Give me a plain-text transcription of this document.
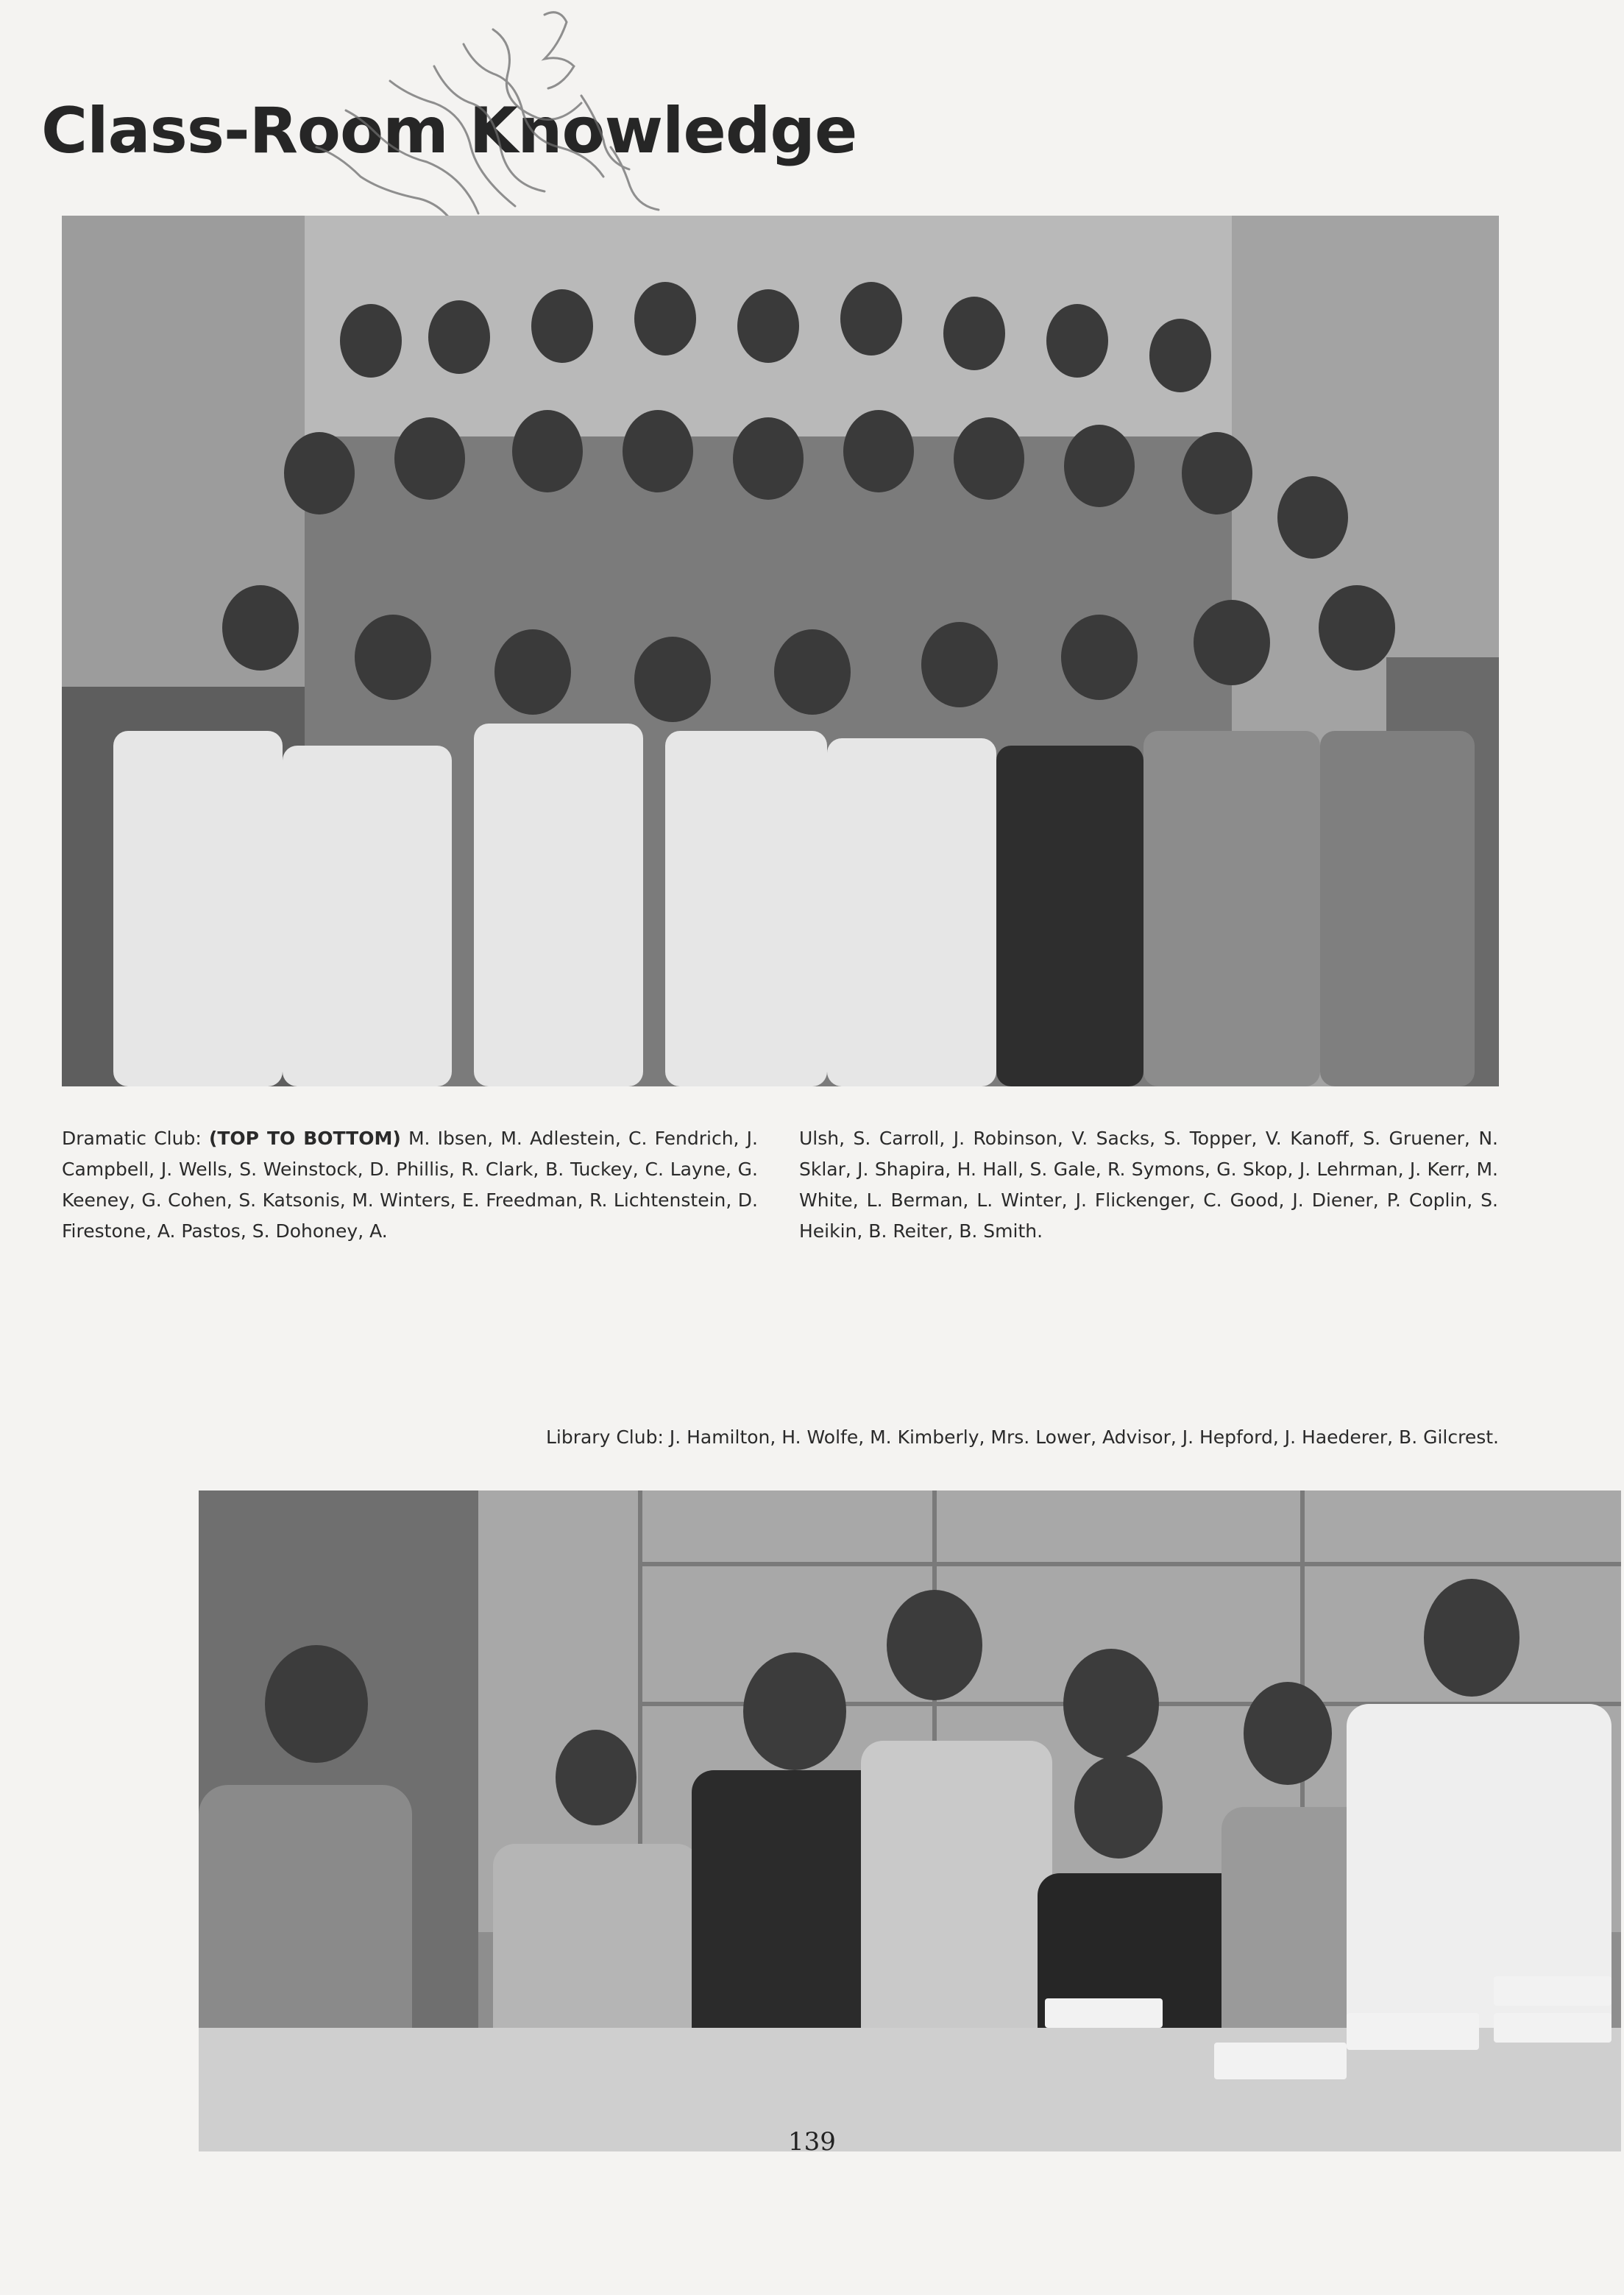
Class-Room Knowledge
Dramatic Club: (TOP TO BOTTOM) M. Ibsen, M. Adlestein, C. Fendrich, J. Campbell, J. Wells, S. Weinstock, D. Phillis, R. Clark, B. Tuckey, C. Layne, G. Keeney, G. Cohen, S. Katsonis, M. Winters, E. Freedman, R. Lichtenstein, D. Firestone, A. Pastos, S. Dohoney, A.
Ulsh, S. Carroll, J. Robinson, V. Sacks, S. Topper, V. Kanoff, S. Gruener, N. Sklar, J. Shapira, H. Hall, S. Gale, R. Symons, G. Skop, J. Lehrman, J. Kerr, M. White, L. Berman, L. Winter, J. Flickenger, C. Good, J. Diener, P. Coplin, S. Heikin, B. Reiter, B. Smith.
Library Club: J. Hamilton, H. Wolfe, M. Kimberly, Mrs. Lower, Advisor, J. Hepford, J. Haederer, B. Gilcrest.
139
